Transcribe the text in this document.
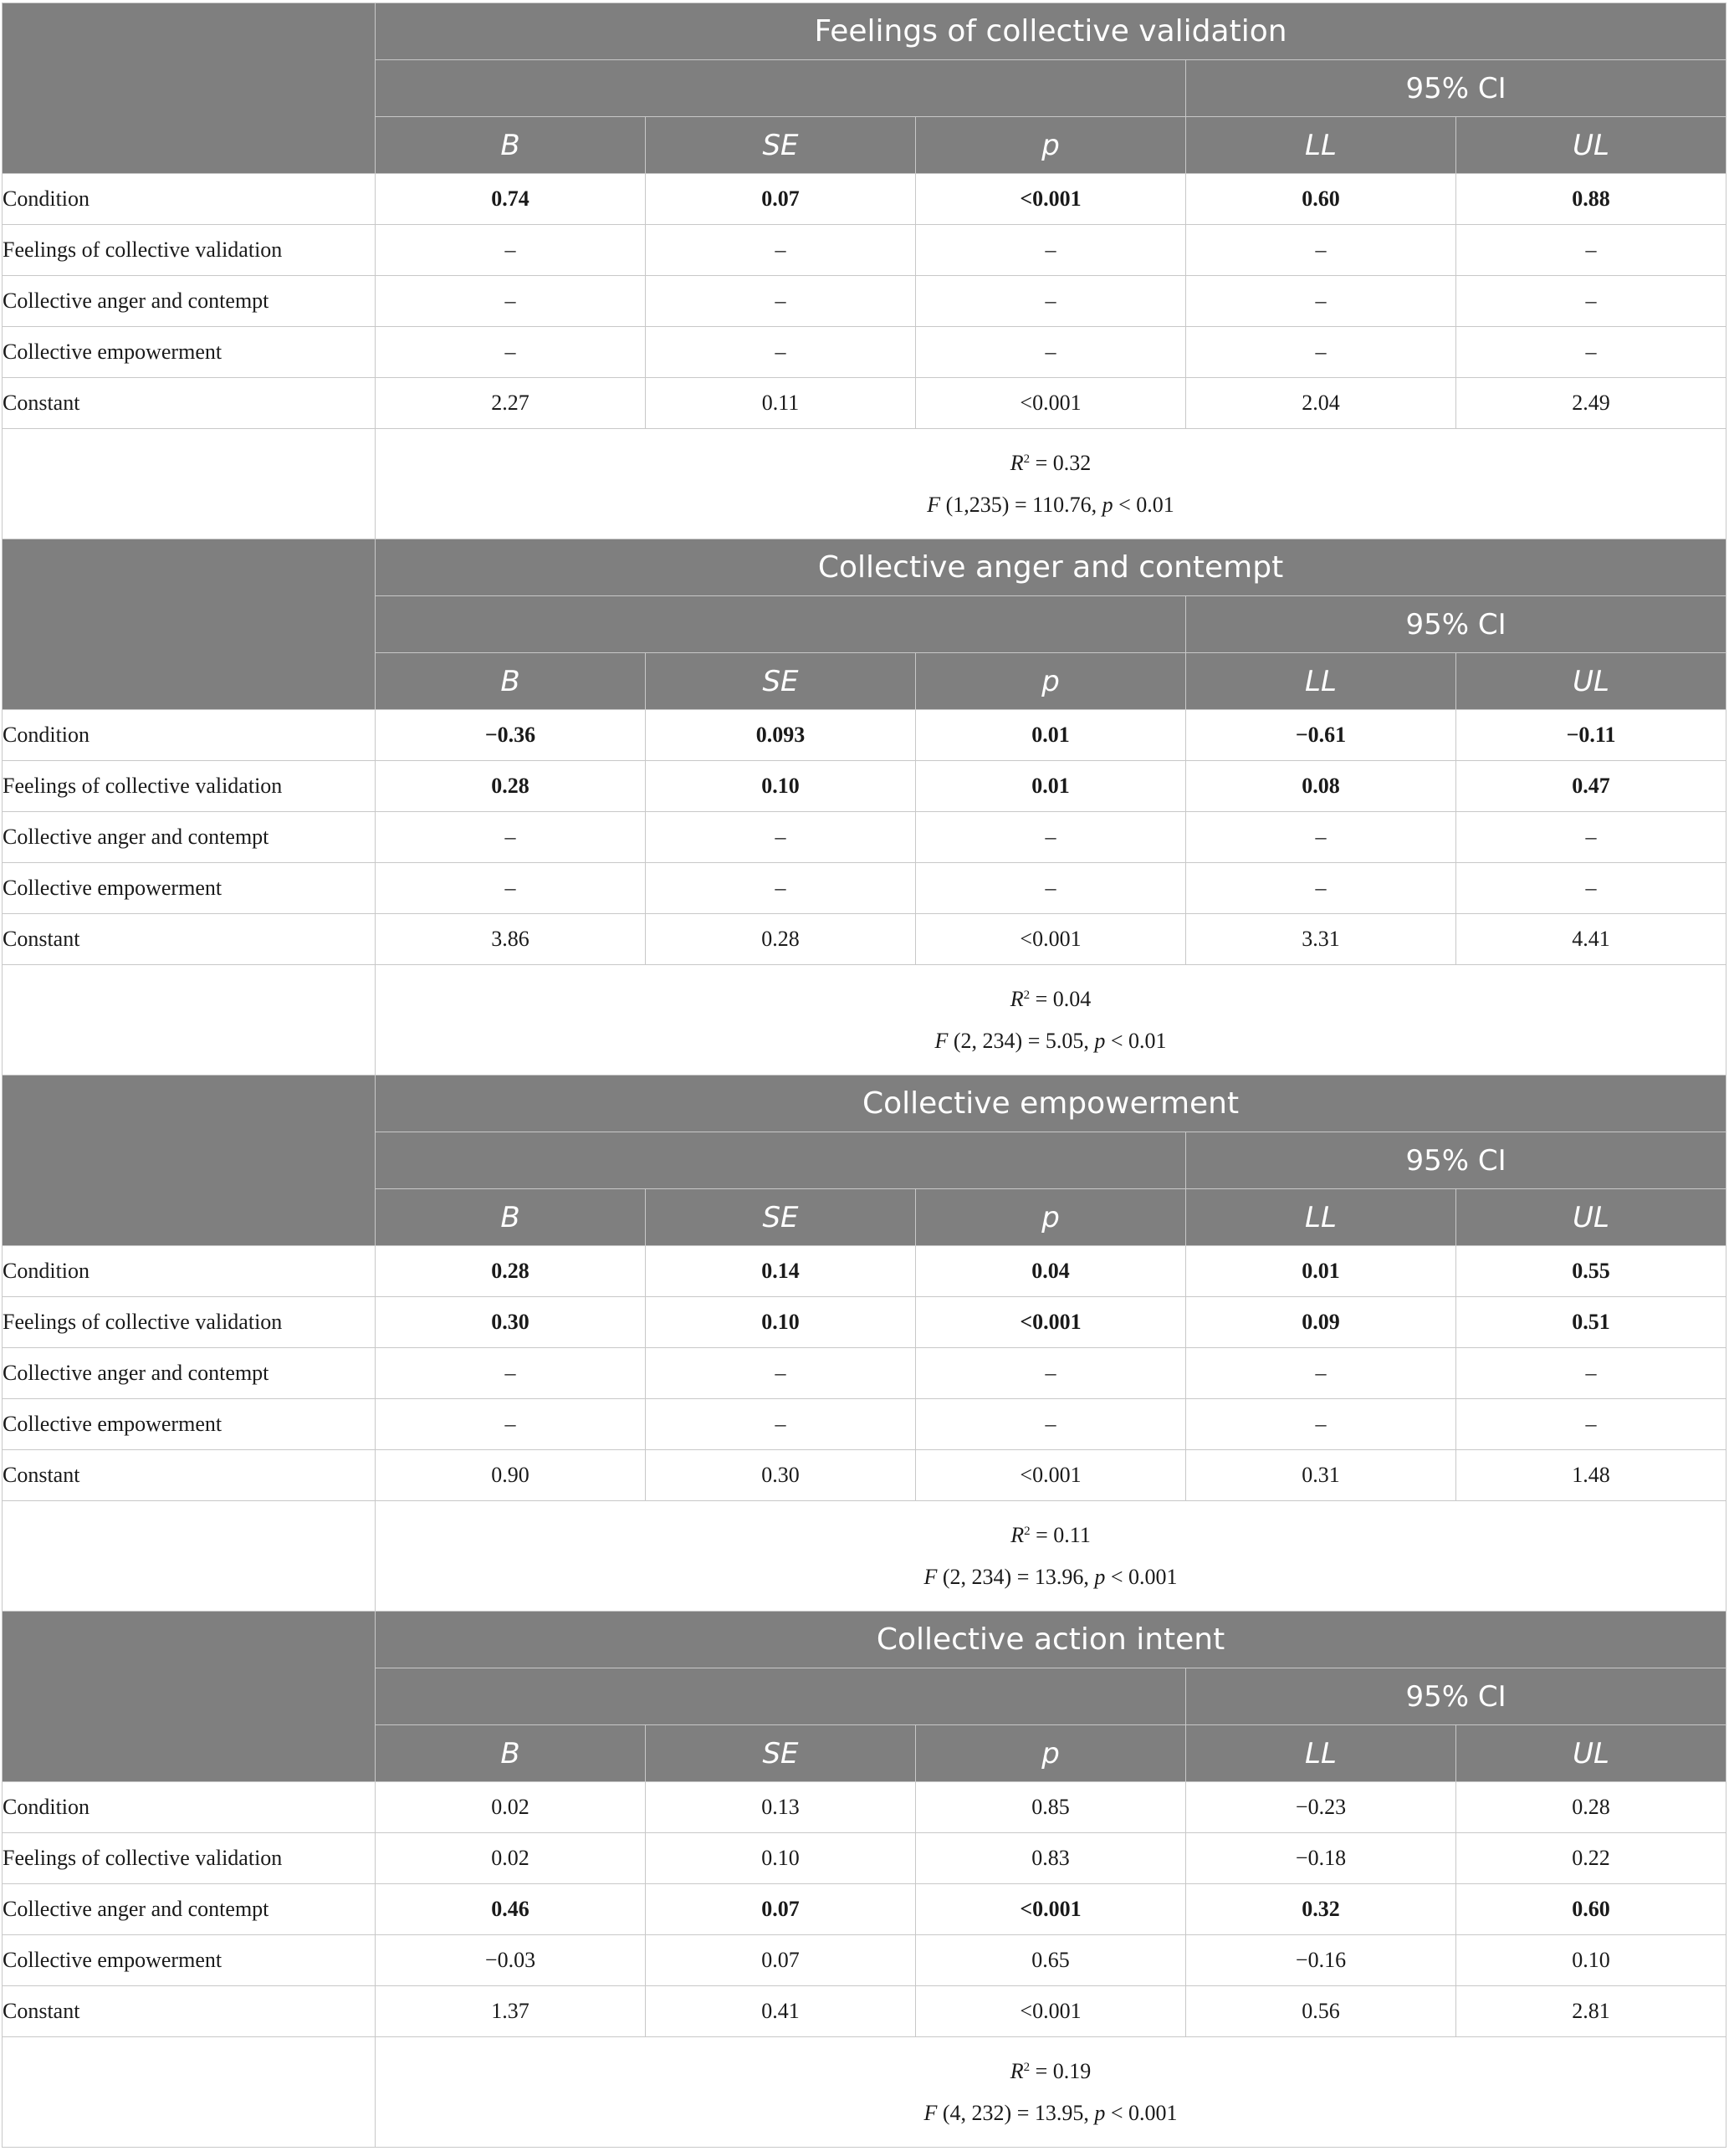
	Feelings of collective validation				
				95% CI	
	B	SE	p	LL	UL
Condition	0.74	0.07	<0.001	0.60	0.88
Feelings of collective validation	–	–	–	–	–
Collective anger and contempt	–	–	–	–	–
Collective empowerment	–	–	–	–	–
Constant	2.27	0.11	<0.001	2.04	2.49

	$R^2 = 0.32$
F (1,235) = 110.76, p < 0.01				

	Collective anger and contempt				
				95% CI	
	B	SE	p	LL	UL
Condition	−0.36	0.093	0.01	−0.61	−0.11
Feelings of collective validation	0.28	0.10	0.01	0.08	0.47
Collective anger and contempt	–	–	–	–	–
Collective empowerment	–	–	–	–	–
Constant	3.86	0.28	<0.001	3.31	4.41

	$R^2 = 0.04$
F (2, 234) = 5.05, p < 0.01				

	Collective empowerment				
				95% CI	
	B	SE	p	LL	UL
Condition	0.28	0.14	0.04	0.01	0.55
Feelings of collective validation	0.30	0.10	<0.001	0.09	0.51
Collective anger and contempt	–	–	–	–	–
Collective empowerment	–	–	–	–	–
Constant	0.90	0.30	<0.001	0.31	1.48

	$R^2 = 0.11$
F (2, 234) = 13.96, p < 0.001				

	Collective action intent				
				95% CI	
	B	SE	p	LL	UL
Condition	0.02	0.13	0.85	−0.23	0.28
Feelings of collective validation	0.02	0.10	0.83	−0.18	0.22
Collective anger and contempt	0.46	0.07	<0.001	0.32	0.60
Collective empowerment	−0.03	0.07	0.65	−0.16	0.10
Constant	1.37	0.41	<0.001	0.56	2.81

	$R^2 = 0.19$
F (4, 232) = 13.95, p < 0.001				
